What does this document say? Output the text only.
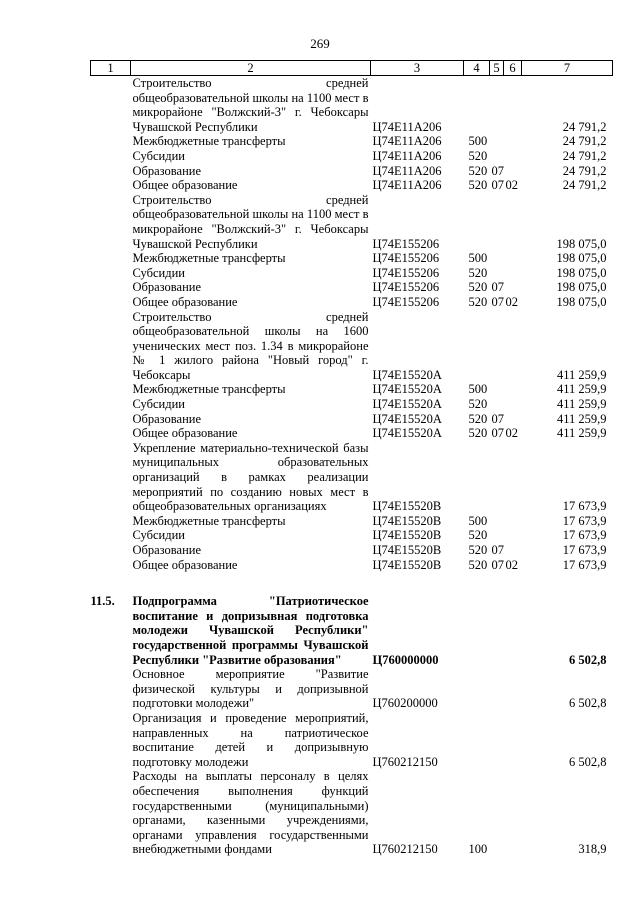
269
1	2	3	4	5	6	7
	Строительство средней общеобразовательной школы на 1100 мест в микрорайоне "Волжский-3" г. Чебоксары Чувашской Республики	Ц74Е11А206				24 791,2
	Межбюджетные трансферты	Ц74Е11А206	500			24 791,2
	Субсидии	Ц74Е11А206	520			24 791,2
	Образование	Ц74Е11А206	520	07		24 791,2
	Общее образование	Ц74Е11А206	520	07	02	24 791,2
	Строительство средней общеобразовательной школы на 1100 мест в микрорайоне "Волжский-3" г. Чебоксары Чувашской Республики	Ц74Е155206				198 075,0
	Межбюджетные трансферты	Ц74Е155206	500			198 075,0
	Субсидии	Ц74Е155206	520			198 075,0
	Образование	Ц74Е155206	520	07		198 075,0
	Общее образование	Ц74Е155206	520	07	02	198 075,0
	Строительство средней общеобразовательной школы на 1600 ученических мест поз. 1.34 в микрорайоне № 1 жилого района "Новый город" г. Чебоксары	Ц74Е15520А				411 259,9
	Межбюджетные трансферты	Ц74Е15520А	500			411 259,9
	Субсидии	Ц74Е15520А	520			411 259,9
	Образование	Ц74Е15520А	520	07		411 259,9
	Общее образование	Ц74Е15520А	520	07	02	411 259,9
	Укрепление материально-технической базы муниципальных образовательных организаций в рамках реализации мероприятий по созданию новых мест в общеобразовательных организациях	Ц74Е15520В				17 673,9
	Межбюджетные трансферты	Ц74Е15520В	500			17 673,9
	Субсидии	Ц74Е15520В	520			17 673,9
	Образование	Ц74Е15520В	520	07		17 673,9
	Общее образование	Ц74Е15520В	520	07	02	17 673,9

11.5.	Подпрограмма "Патриотическое воспитание и допризывная подготовка молодежи Чувашской Республики" государственной программы Чувашской Республики "Развитие образования"	Ц760000000				6 502,8
	Основное мероприятие "Развитие физической культуры и допризывной подготовки молодежи"	Ц760200000				6 502,8
	Организация и проведение мероприятий, направленных на патриотическое воспитание детей и допризывную подготовку молодежи	Ц760212150				6 502,8
	Расходы на выплаты персоналу в целях обеспечения выполнения функций государственными (муниципальными) органами, казенными учреждениями, органами управления государственными внебюджетными фондами	Ц760212150	100			318,9
